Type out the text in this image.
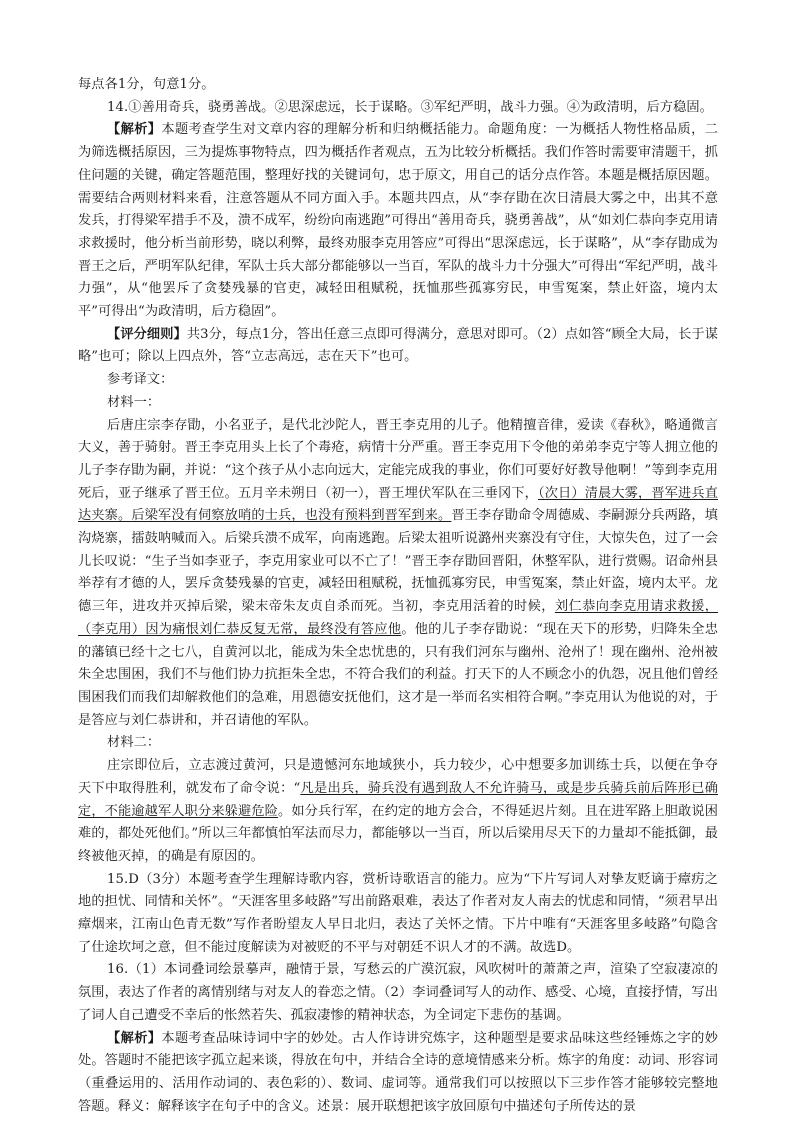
每点各1分，句意1分。

14.①善用奇兵，骁勇善战。②思深虑远，长于谋略。③军纪严明，战斗力强。④为政清明，后方稳固。

【解析】本题考查学生对文章内容的理解分析和归纳概括能力。命题角度：一为概括人物性格品质，二为筛选概括原因，三为提炼事物特点，四为概括作者观点，五为比较分析概括。我们作答时需要审清题干，抓住问题的关键，确定答题范围，整理好找的关键词句，忠于原文，用自己的话分点作答。本题是概括原因题。需要结合两则材料来看，注意答题从不同方面入手。本题共四点，从“李存勖在次日清晨大雾之中，出其不意发兵，打得梁军措手不及，溃不成军，纷纷向南逃跑”可得出“善用奇兵，骁勇善战”，从“如刘仁恭向李克用请求救援时，他分析当前形势，晓以利弊，最终劝服李克用答应”可得出“思深虑远，长于谋略”，从“李存勖成为晋王之后，严明军队纪律，军队士兵大部分都能够以一当百，军队的战斗力十分强大”可得出“军纪严明，战斗力强”，从“他罢斥了贪婪残暴的官吏，减轻田租赋税，抚恤那些孤寡穷民，申雪冤案，禁止奸盗，境内太平”可得出“为政清明，后方稳固”。

【评分细则】共3分，每点1分，答出任意三点即可得满分，意思对即可。（2）点如答“顾全大局，长于谋略”也可；除以上四点外，答“立志高远，志在天下”也可。

参考译文：

材料一：

后唐庄宗李存勖，小名亚子，是代北沙陀人，晋王李克用的儿子。他精擅音律，爱读《春秋》，略通微言大义，善于骑射。晋王李克用头上长了个毒疮，病情十分严重。晋王李克用下令他的弟弟李克宁等人拥立他的儿子李存勖为嗣，并说：“这个孩子从小志向远大，定能完成我的事业，你们可要好好教导他啊！”等到李克用死后，亚子继承了晋王位。五月辛未朔日（初一），晋王埋伏军队在三垂冈下，（次日）清晨大雾，晋军进兵直达夹寨。后梁军没有伺察放哨的士兵，也没有预料到晋军到来。晋王李存勖命令周德威、李嗣源分兵两路，填沟烧寨，擂鼓呐喊而入。后梁兵溃不成军，向南逃跑。后梁太祖听说潞州夹寨没有守住，大惊失色，过了一会儿长叹说：“生子当如李亚子，李克用家业可以不亡了！”晋王李存勖回晋阳，休整军队，进行赏赐。诏命州县举荐有才德的人，罢斥贪婪残暴的官吏，减轻田租赋税，抚恤孤寡穷民，申雪冤案，禁止奸盗，境内太平。龙德三年，进攻并灭掉后梁，梁末帝朱友贞自杀而死。当初，李克用活着的时候，刘仁恭向李克用请求救援，（李克用）因为痛恨刘仁恭反复无常，最终没有答应他。他的儿子李存勖说：“现在天下的形势，归降朱全忠的藩镇已经十之七八，自黄河以北，能成为朱全忠忧患的，只有我们河东与幽州、沧州了！现在幽州、沧州被朱全忠围困，我们不与他们协力抗拒朱全忠，不符合我们的利益。打天下的人不顾念小的仇怨，况且他们曾经围困我们而我们却解救他们的急难，用恩德安抚他们，这才是一举而名实相符合啊。”李克用认为他说的对，于是答应与刘仁恭讲和，并召请他的军队。

材料二：

庄宗即位后，立志渡过黄河，只是遗憾河东地域狭小，兵力较少，心中想要多加训练士兵，以便在争夺天下中取得胜利，就发布了命令说：“凡是出兵，骑兵没有遇到敌人不允许骑马，或是步兵骑兵前后阵形已确定，不能逾越军人职分来躲避危险。如分兵行军，在约定的地方会合，不得延迟片刻。且在进军路上胆敢说困难的，都处死他们。”所以三年都慎怕军法而尽力，都能够以一当百，所以后梁用尽天下的力量却不能抵御，最终被他灭掉，的确是有原因的。

15.D（3分）本题考查学生理解诗歌内容，赏析诗歌语言的能力。应为“下片写词人对挚友贬谪于瘴疠之地的担忧、同情和关怀”。“天涯客里多岐路”写出前路艰难，表达了作者对友人南去的忧虑和同情，“须君早出瘴烟来，江南山色青无数”写作者盼望友人早日北归，表达了关怀之情。下片中唯有“天涯客里多岐路”句隐含了仕途坎坷之意，但不能过度解读为对被贬的不平与对朝廷不识人才的不满。故选D。

16.（1）本词叠词绘景摹声，融情于景，写愁云的广漠沉寂，风吹树叶的萧萧之声，渲染了空寂凄凉的氛围，表达了作者的离情别绪与对友人的眷恋之情。（2）李词叠词写人的动作、感受、心境，直接抒情，写出了词人自己遭受不幸后的怅然若失、孤寂凄惨的精神状态，为全词定下悲伤的基调。

【解析】本题考查品味诗词中字的妙处。古人作诗讲究炼字，这种题型是要求品味这些经锤炼之字的妙处。答题时不能把该字孤立起来谈，得放在句中，并结合全诗的意境情感来分析。炼字的角度：动词、形容词（重叠运用的、活用作动词的、表色彩的）、数词、虚词等。通常我们可以按照以下三步作答才能够较完整地答题。释义：解释该字在句子中的含义。述景：展开联想把该字放回原句中描述句子所传达的景
